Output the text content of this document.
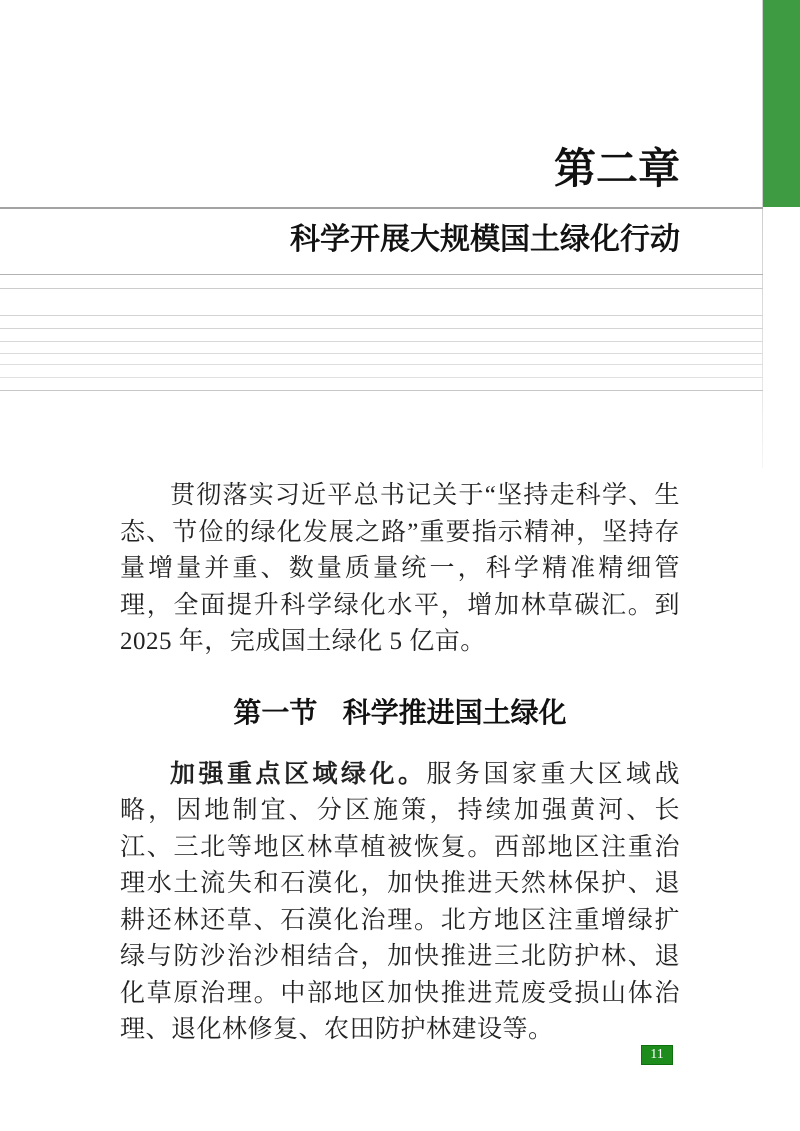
第二章
科学开展大规模国土绿化行动

贯彻落实习近平总书记关于“坚持走科学、生态、节俭的绿化发展之路”重要指示精神，坚持存量增量并重、数量质量统一，科学精准精细管理，全面提升科学绿化水平，增加林草碳汇。到 2025 年，完成国土绿化 5 亿亩。

第一节 科学推进国土绿化

加强重点区域绿化。服务国家重大区域战略，因地制宜、分区施策，持续加强黄河、长江、三北等地区林草植被恢复。西部地区注重治理水土流失和石漠化，加快推进天然林保护、退耕还林还草、石漠化治理。北方地区注重增绿扩绿与防沙治沙相结合，加快推进三北防护林、退化草原治理。中部地区加快推进荒废受损山体治理、退化林修复、农田防护林建设等。

11
